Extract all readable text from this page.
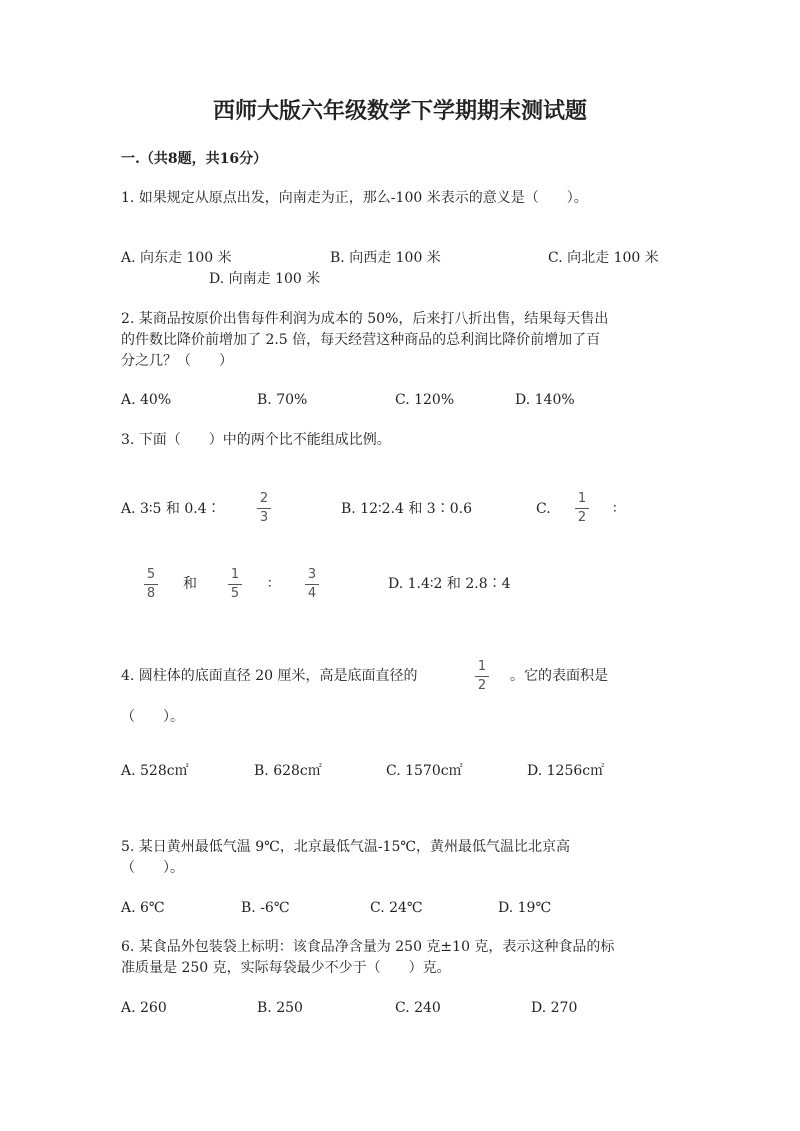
西师大版六年级数学下学期期末测试题
一.（共8题，共16分）
1. 如果规定从原点出发，向南走为正，那么-100 米表示的意义是（　　）。
A. 向东走 100 米	B. 向西走 100 米	C. 向北走 100 米
D. 向南走 100 米
2. 某商品按原价出售每件利润为成本的 50%，后来打八折出售，结果每天售出
的件数比降价前增加了 2.5 倍，每天经营这种商品的总利润比降价前增加了百
分之几？（　　）
A. 40%	B. 70%	C. 120%	D. 140%
3. 下面（　　）中的两个比不能组成比例。
A. 3∶5 和 0.4∶
2
3
B. 12∶2.4 和 3∶0.6	C.
1
2
∶
5
8
和
1
5
∶
3
4
D. 1.4∶2 和 2.8∶4
4. 圆柱体的底面直径 20 厘米，高是底面直径的
1
2
。它的表面积是
（　　）。
A. 528c㎡	B. 628c㎡	C. 1570c㎡	D. 1256c㎡
5. 某日黄州最低气温 9℃，北京最低气温-15℃，黄州最低气温比北京高
（　　）。
A. 6℃	B. -6℃	C. 24℃	D. 19℃
6. 某食品外包装袋上标明：该食品净含量为 250 克±10 克，表示这种食品的标
准质量是 250 克，实际每袋最少不少于（　　）克。
A. 260	B. 250	C. 240	D. 270
